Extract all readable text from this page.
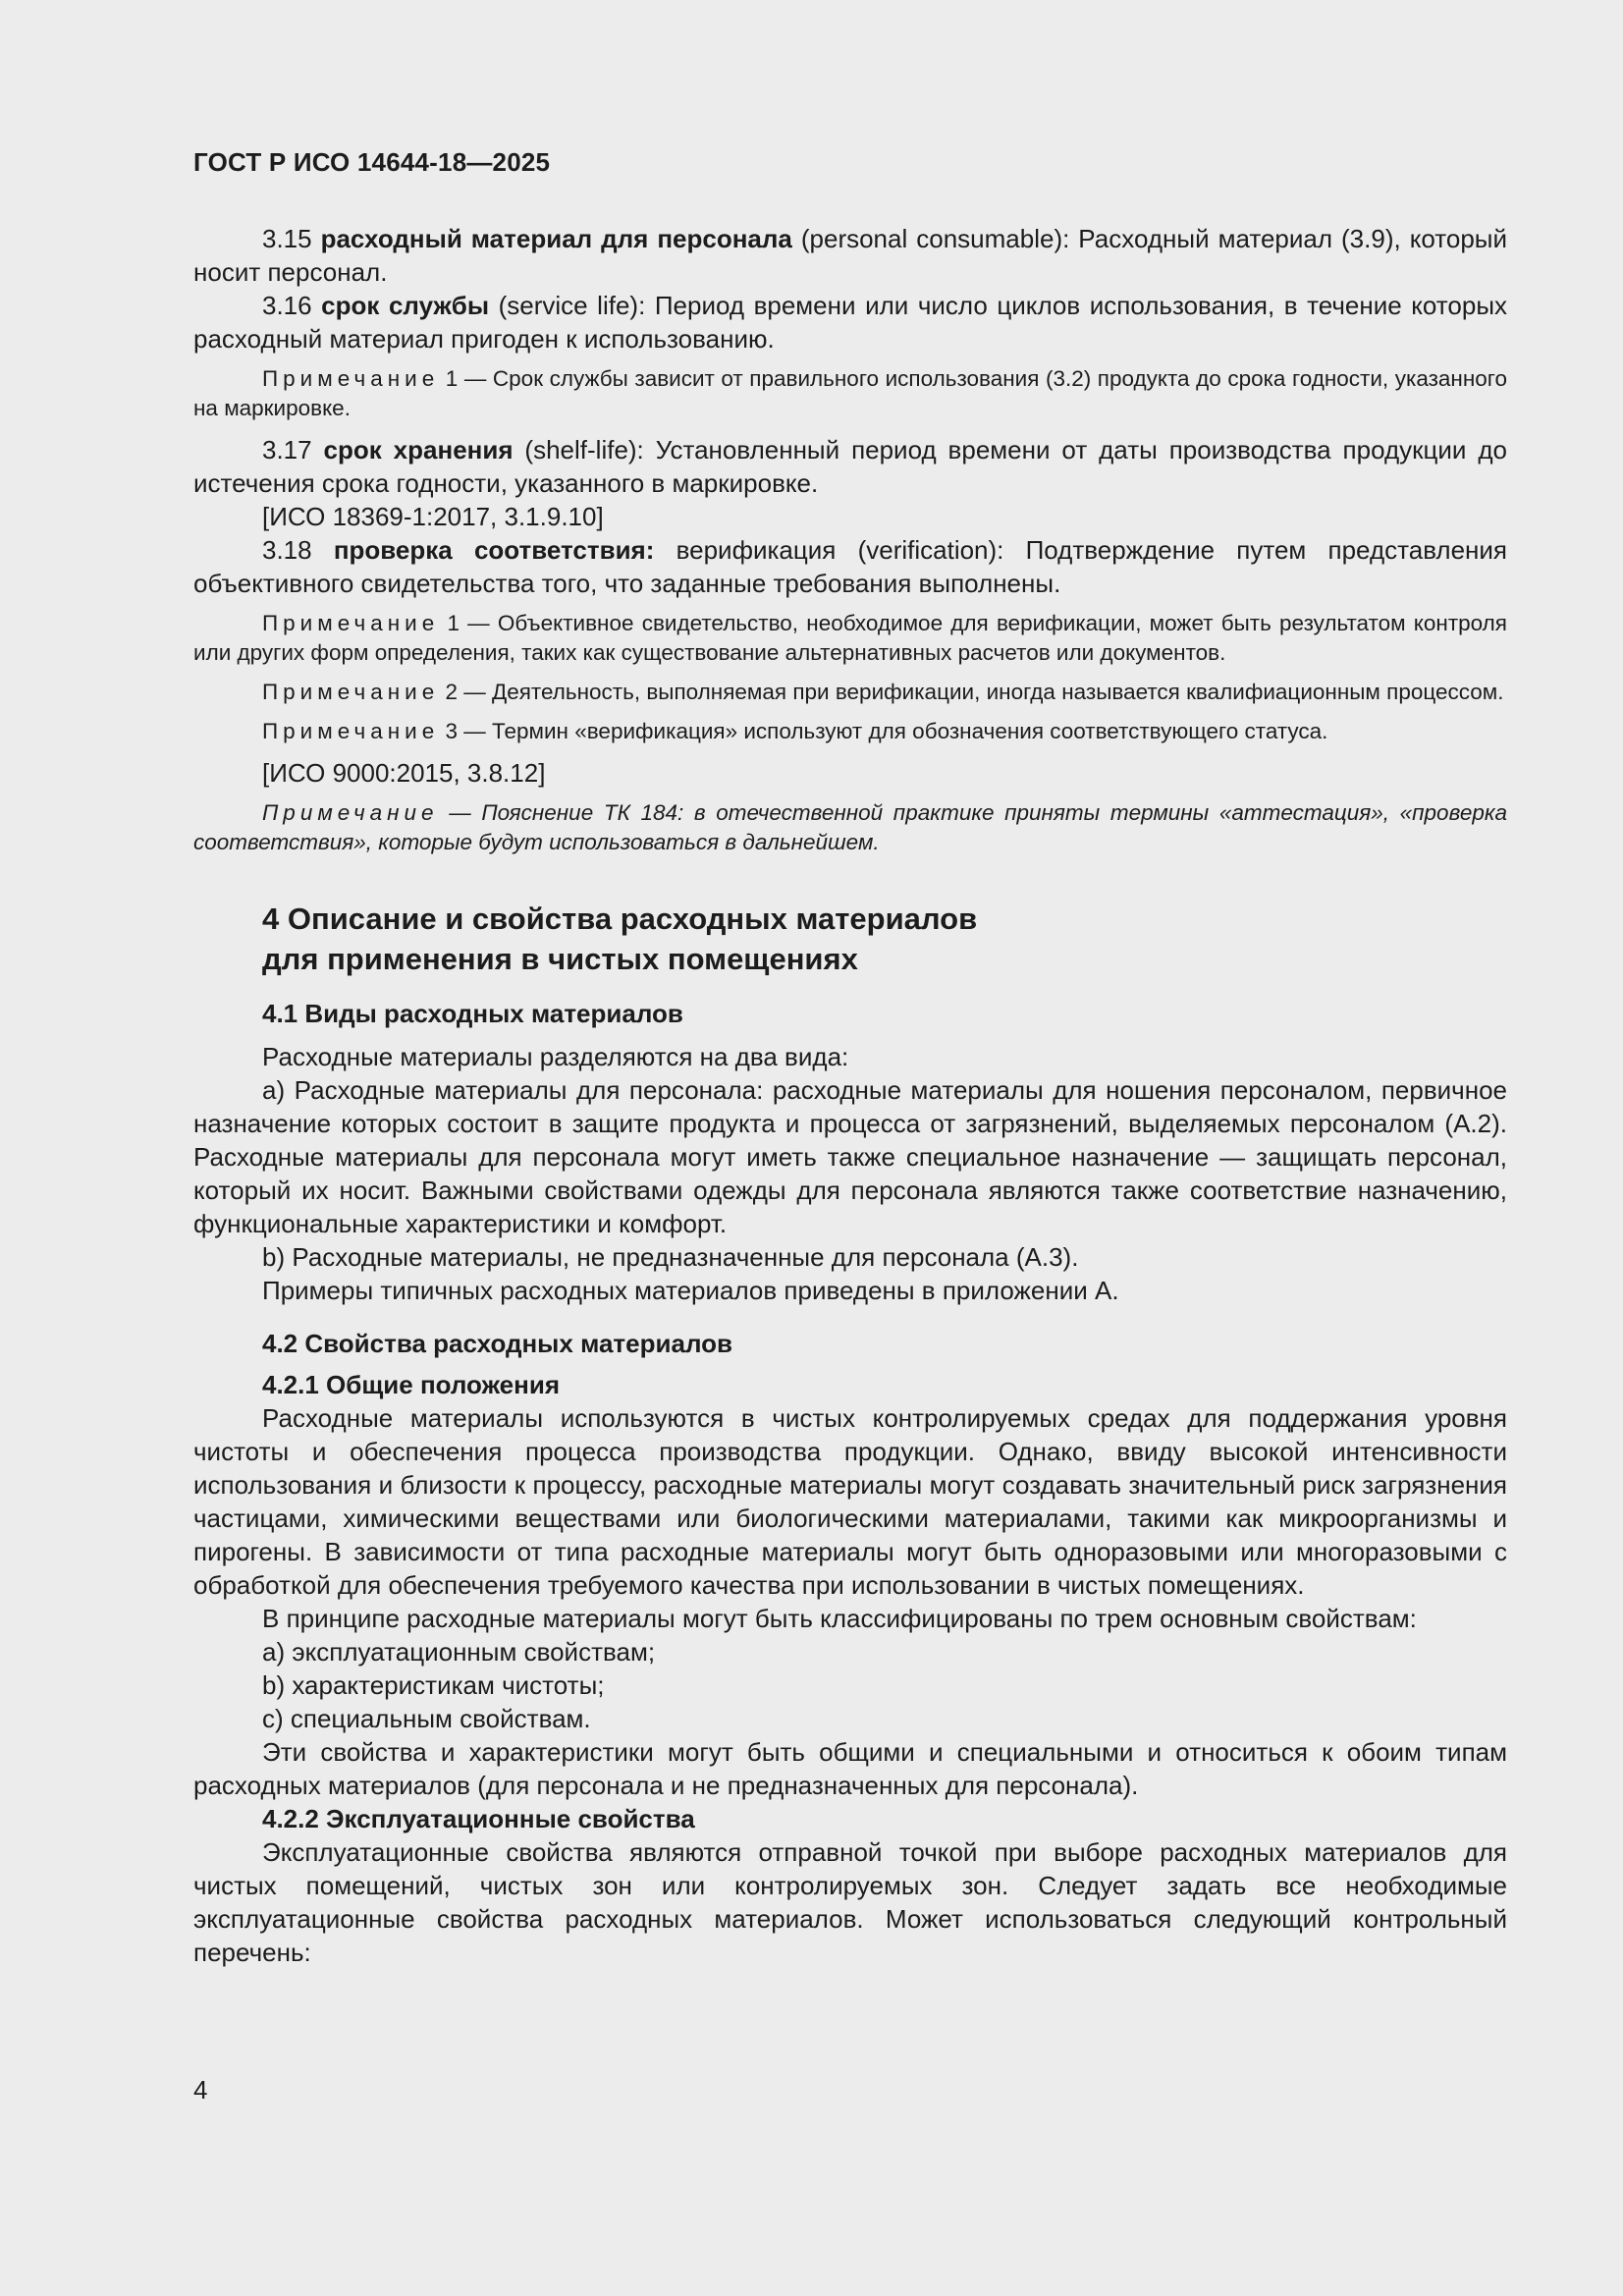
ГОСТ Р ИСО 14644-18—2025

3.15 расходный материал для персонала (personal consumable): Расходный материал (3.9), который носит персонал.

3.16 срок службы (service life): Период времени или число циклов использования, в течение которых расходный материал пригоден к использованию.

Примечание 1 — Срок службы зависит от правильного использования (3.2) продукта до срока годности, указанного на маркировке.

3.17 срок хранения (shelf-life): Установленный период времени от даты производства продукции до истечения срока годности, указанного в маркировке.

[ИСО 18369-1:2017, 3.1.9.10]

3.18 проверка соответствия: верификация (verification): Подтверждение путем представления объективного свидетельства того, что заданные требования выполнены.

Примечание 1 — Объективное свидетельство, необходимое для верификации, может быть результатом контроля или других форм определения, таких как существование альтернативных расчетов или документов.

Примечание 2 — Деятельность, выполняемая при верификации, иногда называется квалифиационным процессом.

Примечание 3 — Термин «верификация» используют для обозначения соответствующего статуса.

[ИСО 9000:2015, 3.8.12]

Примечание — Пояснение ТК 184: в отечественной практике приняты термины «аттестация», «проверка соответствия», которые будут использоваться в дальнейшем.

4 Описание и свойства расходных материалов
для применения в чистых помещениях
4.1 Виды расходных материалов

Расходные материалы разделяются на два вида:

a) Расходные материалы для персонала: расходные материалы для ношения персоналом, первичное назначение которых состоит в защите продукта и процесса от загрязнений, выделяемых персоналом (А.2). Расходные материалы для персонала могут иметь также специальное назначение — защищать персонал, который их носит. Важными свойствами одежды для персонала являются также соответствие назначению, функциональные характеристики и комфорт.

b) Расходные материалы, не предназначенные для персонала (А.3).

Примеры типичных расходных материалов приведены в приложении А.

4.2 Свойства расходных материалов
4.2.1 Общие положения

Расходные материалы используются в чистых контролируемых средах для поддержания уровня чистоты и обеспечения процесса производства продукции. Однако, ввиду высокой интенсивности использования и близости к процессу, расходные материалы могут создавать значительный риск загрязнения частицами, химическими веществами или биологическими материалами, такими как микроорганизмы и пирогены. В зависимости от типа расходные материалы могут быть одноразовыми или многоразовыми с обработкой для обеспечения требуемого качества при использовании в чистых помещениях.

В принципе расходные материалы могут быть классифицированы по трем основным свойствам:

a) эксплуатационным свойствам;

b) характеристикам чистоты;

c) специальным свойствам.

Эти свойства и характеристики могут быть общими и специальными и относиться к обоим типам расходных материалов (для персонала и не предназначенных для персонала).

4.2.2 Эксплуатационные свойства

Эксплуатационные свойства являются отправной точкой при выборе расходных материалов для чистых помещений, чистых зон или контролируемых зон. Следует задать все необходимые эксплуатационные свойства расходных материалов. Может использоваться следующий контрольный перечень:

4
